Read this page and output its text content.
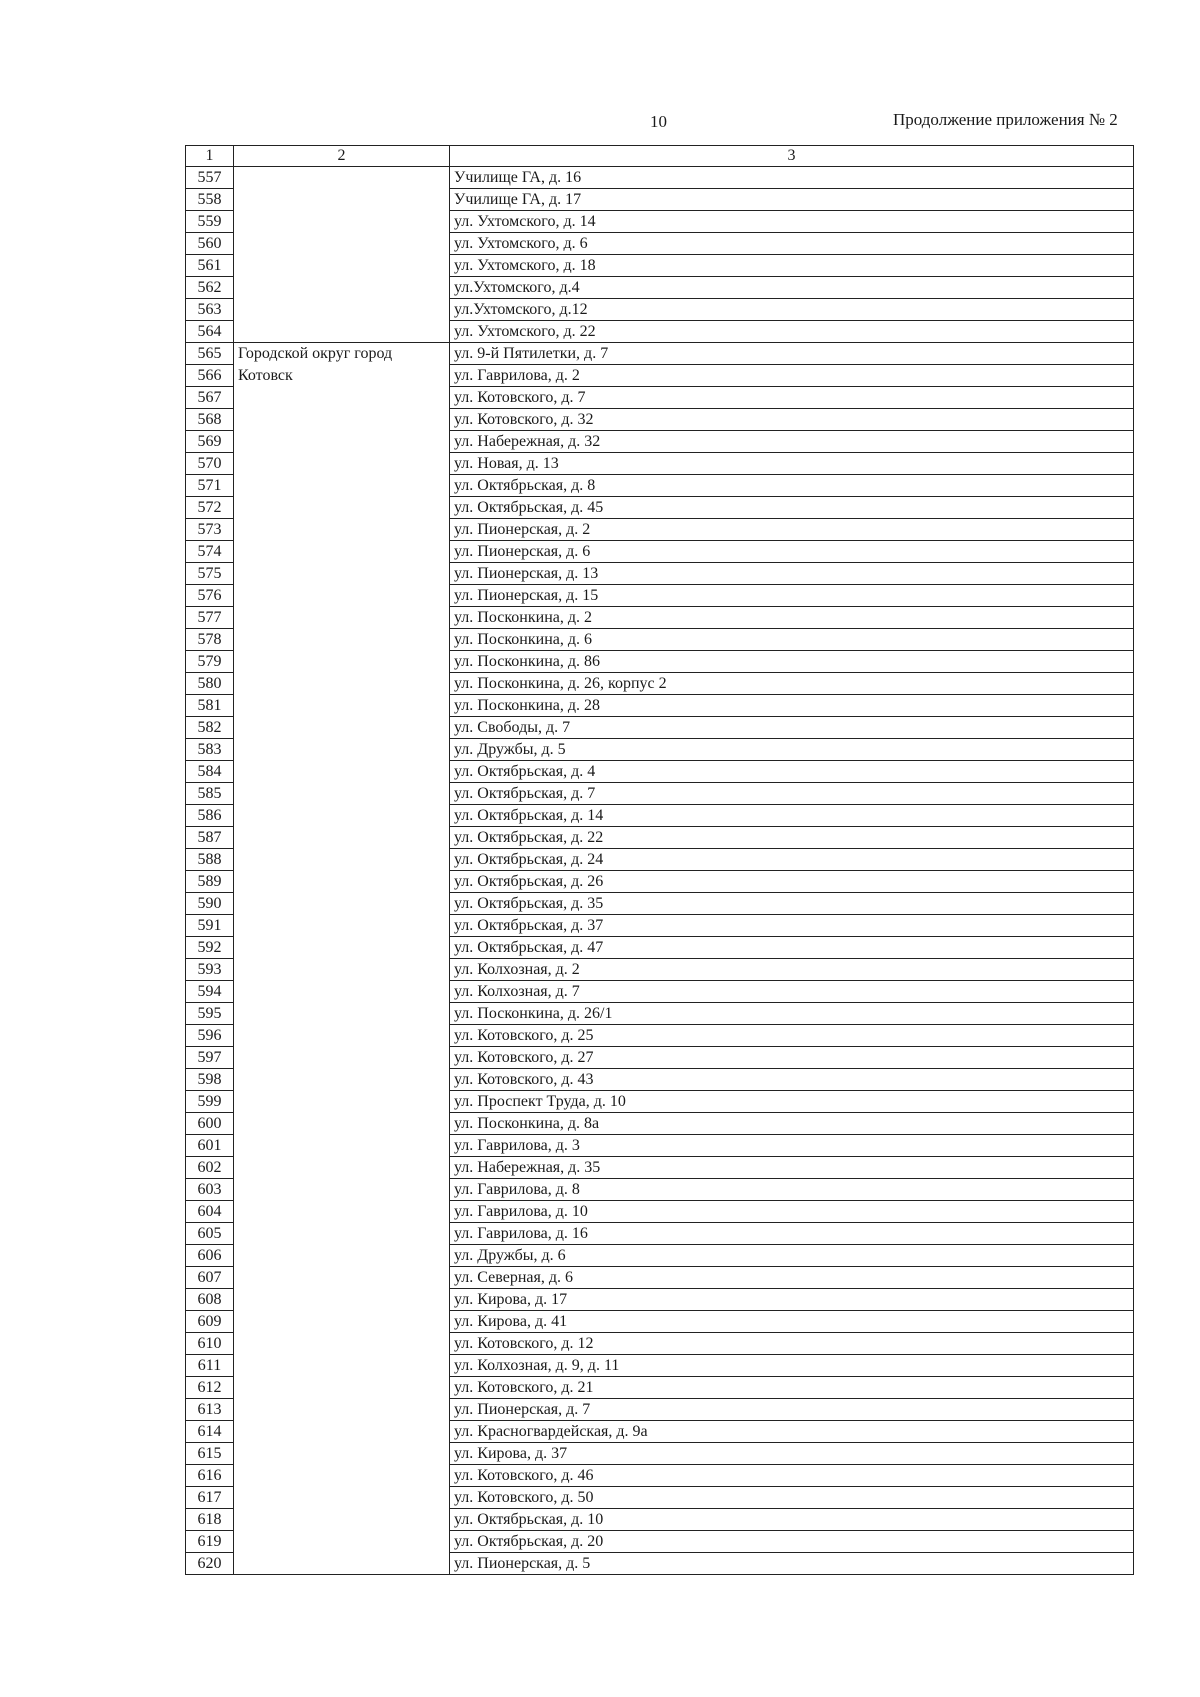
10	Продолжение приложения № 2
1	2	3
557		Училище ГА, д. 16
558		Училище ГА, д. 17
559		ул. Ухтомского, д. 14
560		ул. Ухтомского, д. 6
561		ул. Ухтомского, д. 18
562		ул.Ухтомского, д.4
563		ул.Ухтомского, д.12
564		ул. Ухтомского, д. 22
565	Городской округ город Котовск	ул. 9-й Пятилетки, д. 7
566		ул. Гаврилова, д. 2
567		ул. Котовского, д. 7
568		ул. Котовского, д. 32
569		ул. Набережная, д. 32
570		ул. Новая, д. 13
571		ул. Октябрьская, д. 8
572		ул. Октябрьская, д. 45
573		ул. Пионерская, д. 2
574		ул. Пионерская, д. 6
575		ул. Пионерская, д. 13
576		ул. Пионерская, д. 15
577		ул. Посконкина, д. 2
578		ул. Посконкина, д. 6
579		ул. Посконкина, д. 86
580		ул. Посконкина, д. 26, корпус 2
581		ул. Посконкина, д. 28
582		ул. Свободы, д. 7
583		ул. Дружбы, д. 5
584		ул. Октябрьская, д. 4
585		ул. Октябрьская, д. 7
586		ул. Октябрьская, д. 14
587		ул. Октябрьская, д. 22
588		ул. Октябрьская, д. 24
589		ул. Октябрьская, д. 26
590		ул. Октябрьская, д. 35
591		ул. Октябрьская, д. 37
592		ул. Октябрьская, д. 47
593		ул. Колхозная, д. 2
594		ул. Колхозная, д. 7
595		ул. Посконкина, д. 26/1
596		ул. Котовского, д. 25
597		ул. Котовского, д. 27
598		ул. Котовского, д. 43
599		ул. Проспект Труда, д. 10
600		ул. Посконкина, д. 8а
601		ул. Гаврилова, д. 3
602		ул. Набережная, д. 35
603		ул. Гаврилова, д. 8
604		ул. Гаврилова, д. 10
605		ул. Гаврилова, д. 16
606		ул. Дружбы, д. 6
607		ул. Северная, д. 6
608		ул. Кирова, д. 17
609		ул. Кирова, д. 41
610		ул. Котовского, д. 12
611		ул. Колхозная, д. 9, д. 11
612		ул. Котовского, д. 21
613		ул. Пионерская, д. 7
614		ул. Красногвардейская, д. 9а
615		ул. Кирова, д. 37
616		ул. Котовского, д. 46
617		ул. Котовского, д. 50
618		ул. Октябрьская, д. 10
619		ул. Октябрьская, д. 20
620		ул. Пионерская, д. 5
